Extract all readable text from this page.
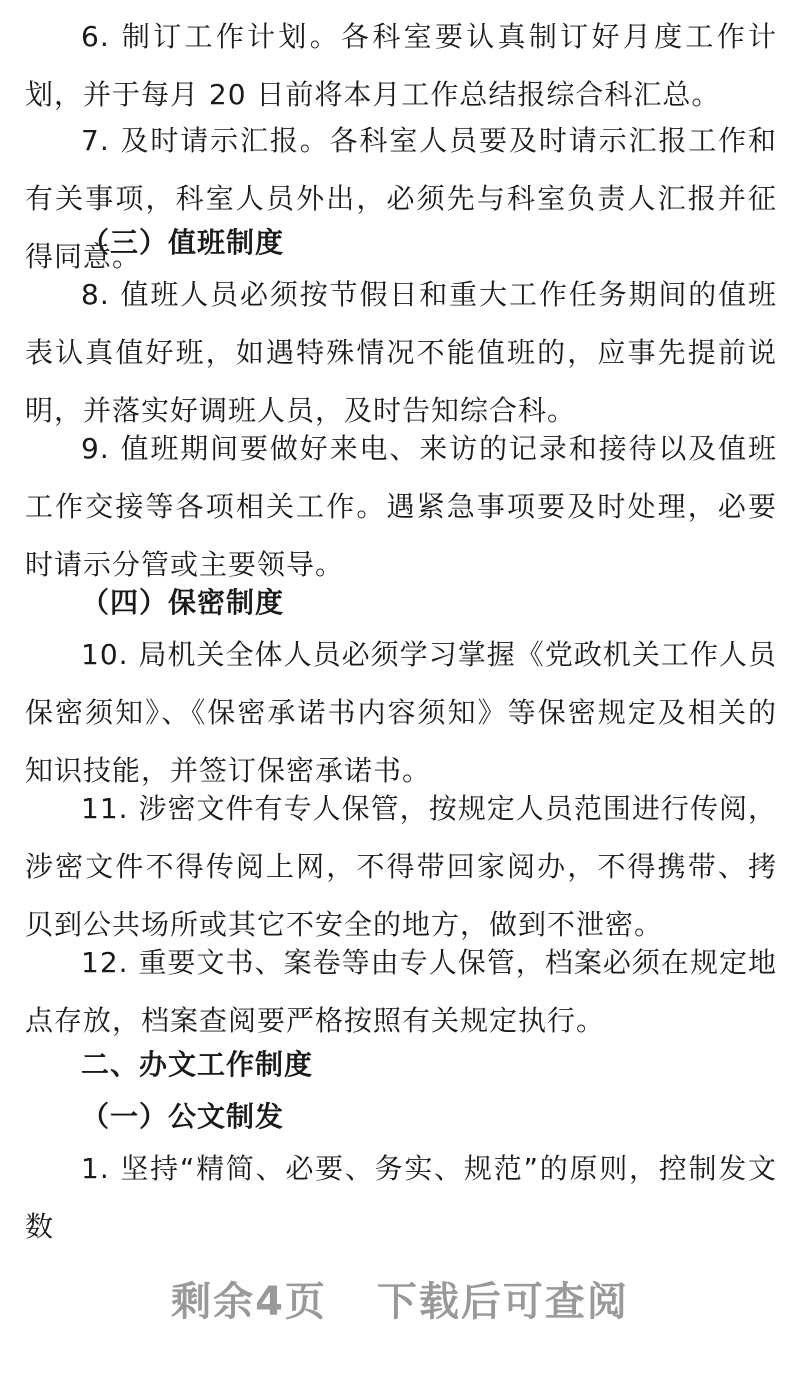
6. 制订工作计划。各科室要认真制订好月度工作计划，并于每月 20 日前将本月工作总结报综合科汇总。

7. 及时请示汇报。各科室人员要及时请示汇报工作和有关事项，科室人员外出，必须先与科室负责人汇报并征得同意。

（三）值班制度

8. 值班人员必须按节假日和重大工作任务期间的值班表认真值好班，如遇特殊情况不能值班的，应事先提前说明，并落实好调班人员，及时告知综合科。

9. 值班期间要做好来电、来访的记录和接待以及值班工作交接等各项相关工作。遇紧急事项要及时处理，必要时请示分管或主要领导。

（四）保密制度

10. 局机关全体人员必须学习掌握《党政机关工作人员保密须知》、《保密承诺书内容须知》等保密规定及相关的知识技能，并签订保密承诺书。

11. 涉密文件有专人保管，按规定人员范围进行传阅，涉密文件不得传阅上网，不得带回家阅办，不得携带、拷贝到公共场所或其它不安全的地方，做到不泄密。

12. 重要文书、案卷等由专人保管，档案必须在规定地点存放，档案查阅要严格按照有关规定执行。

二、办文工作制度
（一）公文制发

1. 坚持“精简、必要、务实、规范”的原则，控制发文数

剩余4页 下载后可查阅
